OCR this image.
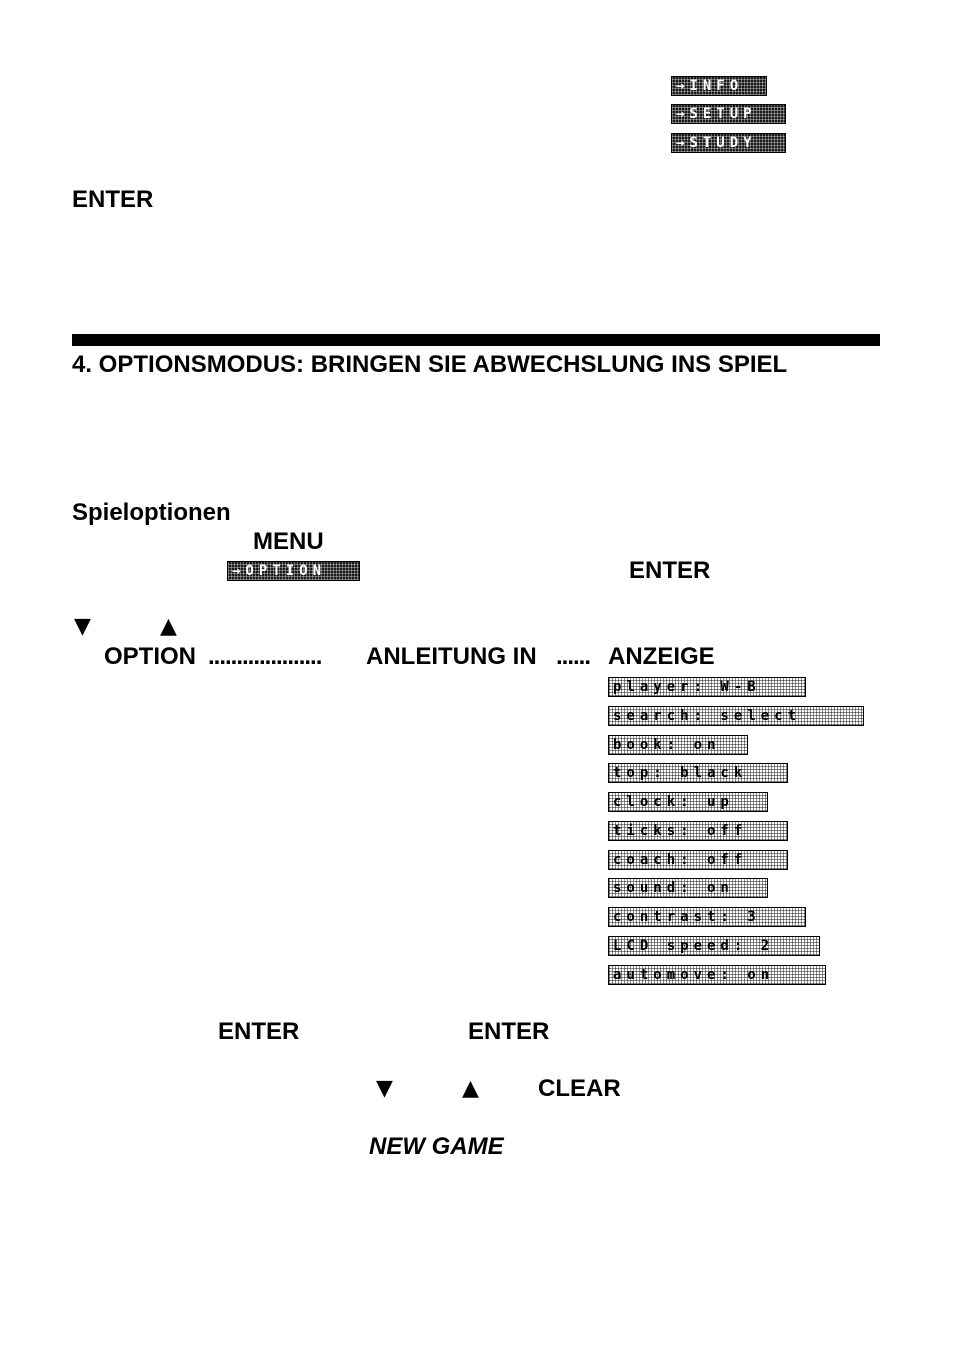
→INFO
→SETUP
→STUDY

ENTER

4. OPTIONSMODUS: BRINGEN SIE ABWECHSLUNG INS SPIEL

Spieloptionen

MENU

→OPTION	ENTER

▼	▲

OPTION .................... ANLEITUNG IN ...... ANZEIGE

player: W-B
search: select
book: on
top: black
clock: up
ticks: off
coach: off
sound: on
contrast: 3
LCD speed: 2
automove: on

ENTER	ENTER

▼	▲ CLEAR

NEW GAME
